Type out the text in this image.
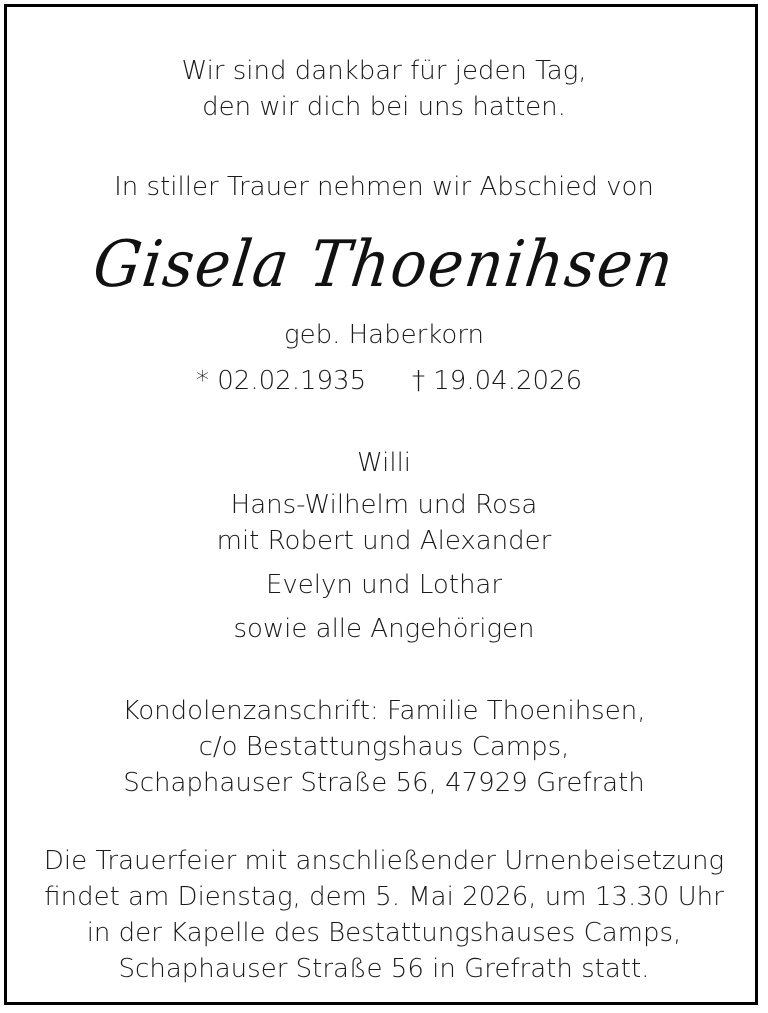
Wir sind dankbar für jeden Tag,
den wir dich bei uns hatten.
In stiller Trauer nehmen wir Abschied von
Gisela Thoenihsen
geb. Haberkorn
* 02.02.1935 † 19.04.2026
Willi
Hans-Wilhelm und Rosa
mit Robert und Alexander
Evelyn und Lothar
sowie alle Angehörigen
Kondolenzanschrift: Familie Thoenihsen,
c/o Bestattungshaus Camps,
Schaphauser Straße 56, 47929 Grefrath
Die Trauerfeier mit anschließender Urnenbeisetzung
findet am Dienstag, dem 5. Mai 2026, um 13.30 Uhr
in der Kapelle des Bestattungshauses Camps,
Schaphauser Straße 56 in Grefrath statt.
